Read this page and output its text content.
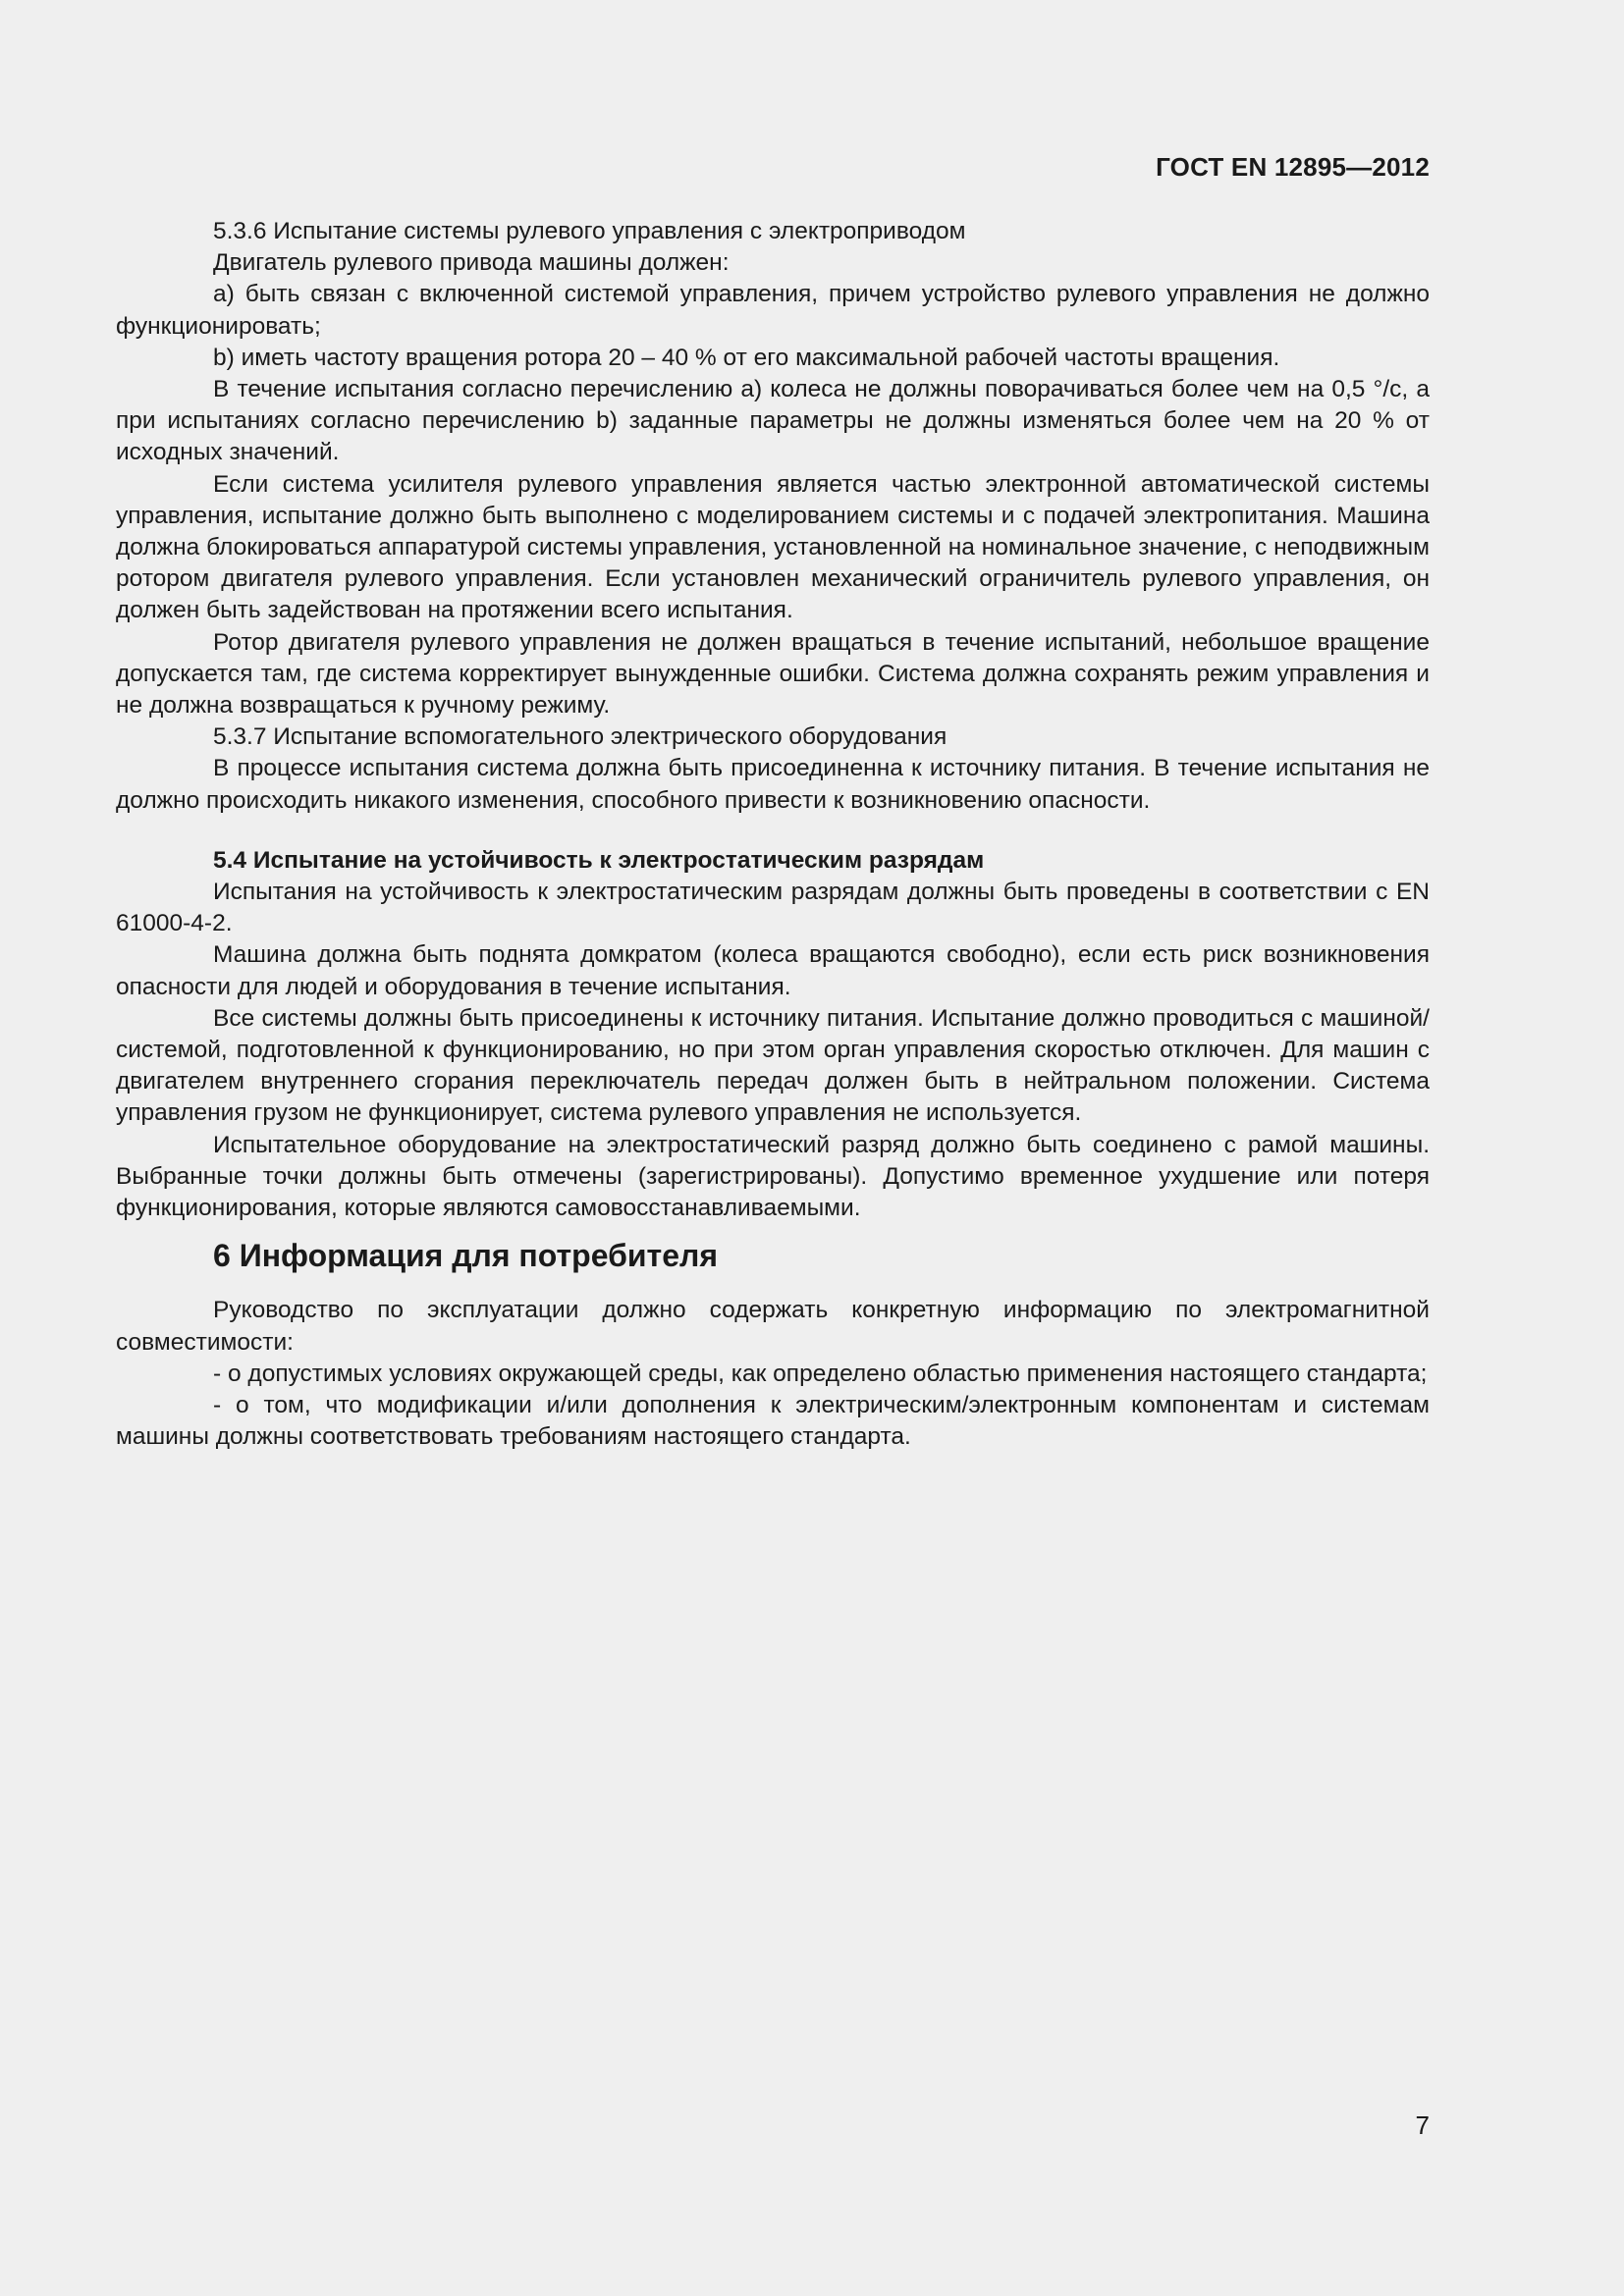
ГОСТ EN 12895—2012

5.3.6 Испытание системы рулевого управления с электроприводом

Двигатель рулевого привода машины должен:

а) быть связан с включенной системой управления, причем устройство рулевого управления не должно функционировать;

b) иметь частоту вращения ротора 20 – 40 % от его максимальной рабочей частоты вращения.

В течение испытания согласно перечислению а) колеса не должны поворачиваться более чем на 0,5 °/с, а при испытаниях согласно перечислению b) заданные параметры не должны изменяться более чем на 20 % от исходных значений.

Если система усилителя рулевого управления является частью электронной автоматической системы управления, испытание должно быть выполнено с моделированием системы и с подачей электропитания. Машина должна блокироваться аппаратурой системы управления, установленной на номинальное значение, с неподвижным ротором двигателя рулевого управления. Если установлен механический ограничитель рулевого управления, он должен быть задействован на протяжении всего испытания.

Ротор двигателя рулевого управления не должен вращаться в течение испытаний, небольшое вращение допускается там, где система корректирует вынужденные ошибки. Система должна сохранять режим управления и не должна возвращаться к ручному режиму.

5.3.7 Испытание вспомогательного электрического оборудования

В процессе испытания система должна быть присоединенна к источнику питания. В течение испытания не должно происходить никакого изменения, способного привести к возникновению опасности.

5.4 Испытание на устойчивость к электростатическим разрядам

Испытания на устойчивость к электростатическим разрядам должны быть проведены в соответствии с EN 61000-4-2.

Машина должна быть поднята домкратом (колеса вращаются свободно), если есть риск возникновения опасности для людей и оборудования в течение испытания.

Все системы должны быть присоединены к источнику питания. Испытание должно проводиться с машиной/системой, подготовленной к функционированию, но при этом орган управления скоростью отключен. Для машин с двигателем внутреннего сгорания переключатель передач должен быть в нейтральном положении. Система управления грузом не функционирует, система рулевого управления не используется.

Испытательное оборудование на электростатический разряд должно быть соединено с рамой машины. Выбранные точки должны быть отмечены (зарегистрированы). Допустимо временное ухудшение или потеря функционирования, которые являются самовосстанавливаемыми.

6 Информация для потребителя

Руководство по эксплуатации должно содержать конкретную информацию по электромагнитной совместимости:

- о допустимых условиях окружающей среды, как определено областью применения настоящего стандарта;

- о том, что модификации и/или дополнения к электрическим/электронным компонентам и системам машины должны соответствовать требованиям настоящего стандарта.

7
